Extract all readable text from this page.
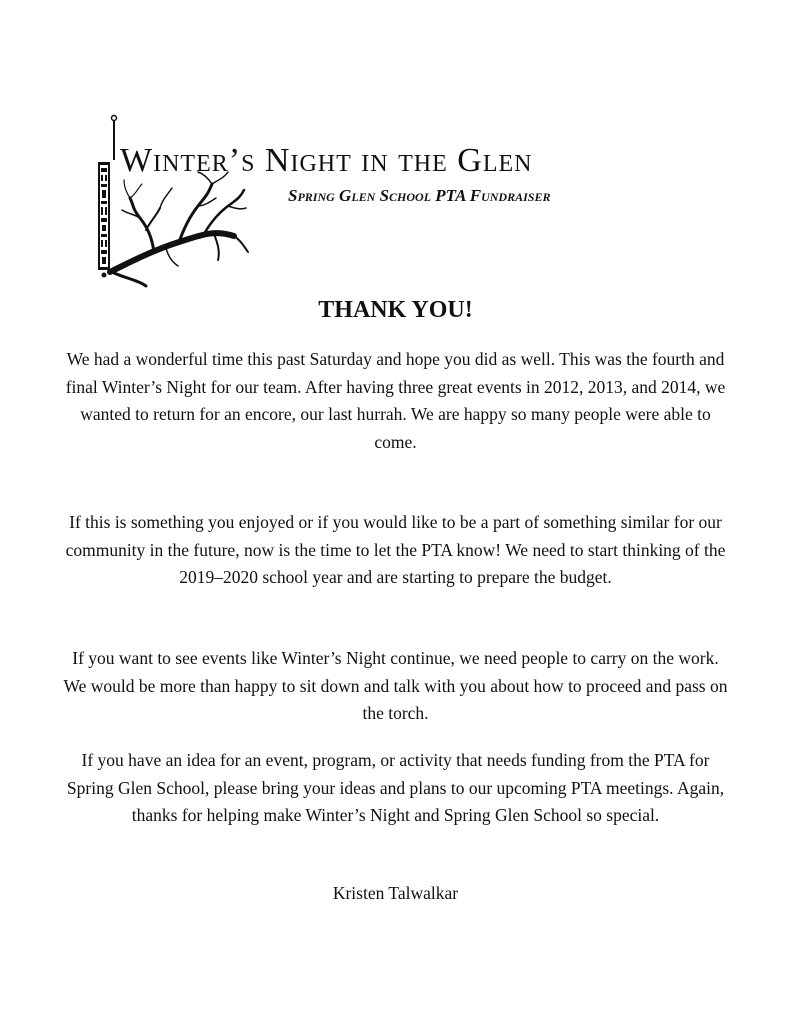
Winter’s Night in the Glen
Spring Glen School PTA Fundraiser
THANK YOU!

We had a wonderful time this past Saturday and hope you did as well. This was the fourth and final Winter’s Night for our team. After having three great events in 2012, 2013, and 2014, we wanted to return for an encore, our last hurrah. We are happy so many people were able to come.

If this is something you enjoyed or if you would like to be a part of something similar for our community in the future, now is the time to let the PTA know! We need to start thinking of the 2019–2020 school year and are starting to prepare the budget.

If you want to see events like Winter’s Night continue, we need people to carry on the work. We would be more than happy to sit down and talk with you about how to proceed and pass on the torch.

If you have an idea for an event, program, or activity that needs funding from the PTA for Spring Glen School, please bring your ideas and plans to our upcoming PTA meetings. Again, thanks for helping make Winter’s Night and Spring Glen School so special.

Kristen Talwalkar
